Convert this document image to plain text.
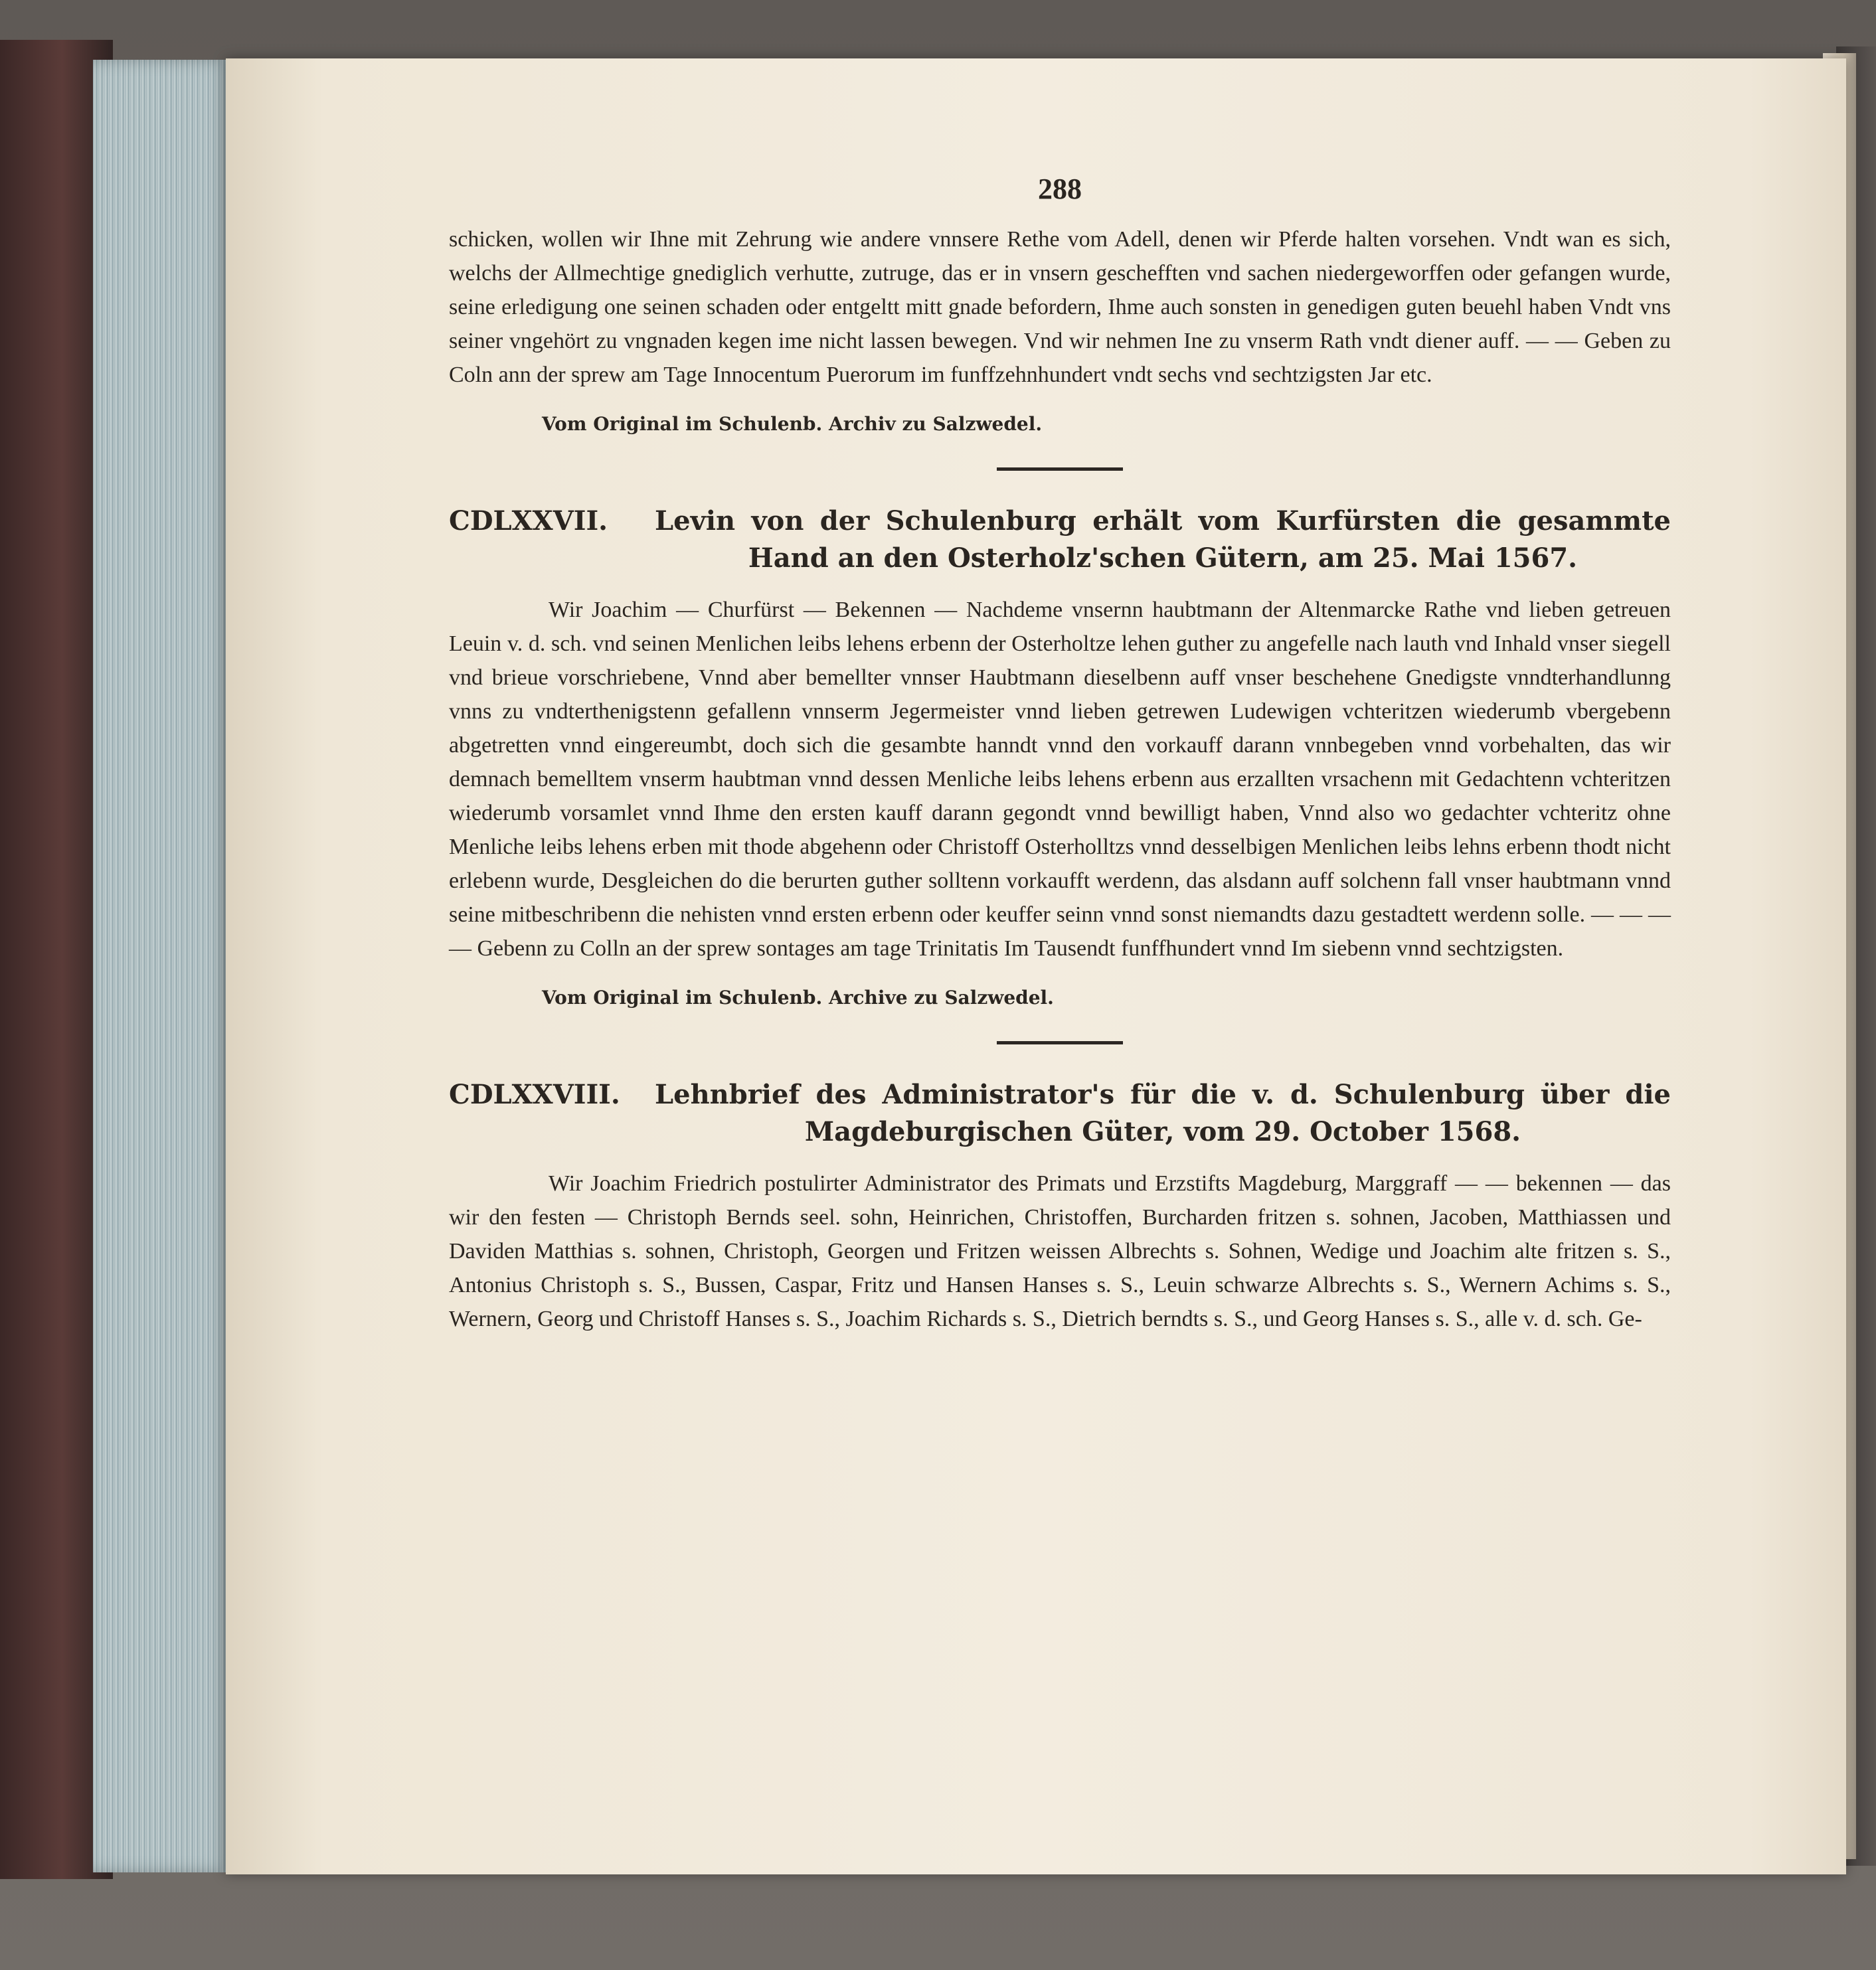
288

schicken, wollen wir Ihne mit Zehrung wie andere vnnsere Rethe vom Adell, denen wir Pferde halten vorsehen. Vndt wan es sich, welchs der Allmechtige gnediglich verhutte, zutruge, das er in vnsern geschefften vnd sachen niedergeworffen oder gefangen wurde, seine erledigung one seinen schaden oder entgeltt mitt gnade befordern, Ihme auch sonsten in genedigen guten beuehl haben Vndt vns seiner vngehört zu vngnaden kegen ime nicht lassen bewegen. Vnd wir nehmen Ine zu vnserm Rath vndt diener auff. — — Geben zu Coln ann der sprew am Tage Innocentum Puerorum im funffzehnhundert vndt sechs vnd sechtzigsten Jar etc.

Vom Original im Schulenb. Archiv zu Salzwedel.
CDLXXVII.	Levin von der Schulenburg erhält vom Kurfürsten die gesammte Hand an den Osterholz'schen Gütern, am 25. Mai 1567.

Wir Joachim — Churfürst — Bekennen — Nachdeme vnsernn haubtmann der Altenmarcke Rathe vnd lieben getreuen Leuin v. d. sch. vnd seinen Menlichen leibs lehens erbenn der Osterholtze lehen guther zu angefelle nach lauth vnd Inhald vnser siegell vnd brieue vorschriebene, Vnnd aber bemellter vnnser Haubtmann dieselbenn auff vnser beschehene Gnedigste vnndterhandlunng vnns zu vndterthenigstenn gefallenn vnnserm Jegermeister vnnd lieben getrewen Ludewigen vchteritzen wiederumb vbergebenn abgetretten vnnd eingereumbt, doch sich die gesambte hanndt vnnd den vorkauff darann vnnbegeben vnnd vorbehalten, das wir demnach bemelltem vnserm haubtman vnnd dessen Menliche leibs lehens erbenn aus erzallten vrsachenn mit Gedachtenn vchteritzen wiederumb vorsamlet vnnd Ihme den ersten kauff darann gegondt vnnd bewilligt haben, Vnnd also wo gedachter vchteritz ohne Menliche leibs lehens erben mit thode abgehenn oder Christoff Osterholltzs vnnd desselbigen Menlichen leibs lehns erbenn thodt nicht erlebenn wurde, Desgleichen do die berurten guther solltenn vorkaufft werdenn, das alsdann auff solchenn fall vnser haubtmann vnnd seine mitbeschribenn die nehisten vnnd ersten erbenn oder keuffer seinn vnnd sonst niemandts dazu gestadtett werdenn solle. — — — — Gebenn zu Colln an der sprew sontages am tage Trinitatis Im Tausendt funffhundert vnnd Im siebenn vnnd sechtzigsten.

Vom Original im Schulenb. Archive zu Salzwedel.
CDLXXVIII.	Lehnbrief des Administrator's für die v. d. Schulenburg über die Magdeburgischen Güter, vom 29. October 1568.

Wir Joachim Friedrich postulirter Administrator des Primats und Erzstifts Magdeburg, Marggraff — — bekennen — das wir den festen — Christoph Bernds seel. sohn, Heinrichen, Christoffen, Burcharden fritzen s. sohnen, Jacoben, Matthiassen und Daviden Matthias s. sohnen, Christoph, Georgen und Fritzen weissen Albrechts s. Sohnen, Wedige und Joachim alte fritzen s. S., Antonius Christoph s. S., Bussen, Caspar, Fritz und Hansen Hanses s. S., Leuin schwarze Albrechts s. S., Wernern Achims s. S., Wernern, Georg und Christoff Hanses s. S., Joachim Richards s. S., Dietrich berndts s. S., und Georg Hanses s. S., alle v. d. sch. Ge-
